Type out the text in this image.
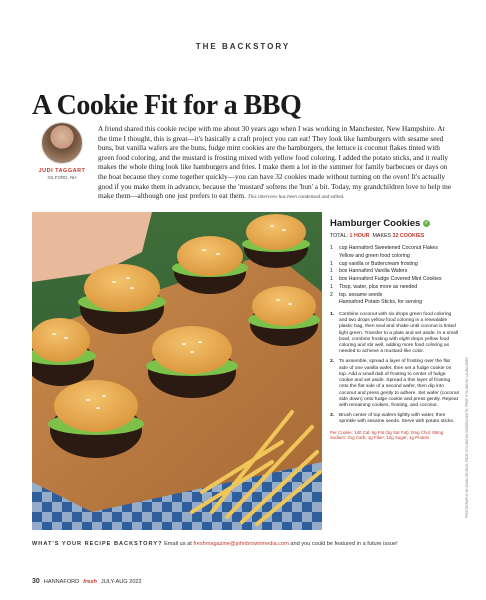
THE BACKSTORY
A Cookie Fit for a BBQ
JUDI TAGGART
GILFORD, NH
A friend shared this cookie recipe with me about 30 years ago when I was working in Manchester, New Hampshire. At the time I thought, this is great—it's basically a craft project you can eat! They look like hamburgers with sesame seed buns, but vanilla wafers are the buns, fudge mint cookies are the hamburgers, the lettuce is coconut flakes tinted with green food coloring, and the mustard is frosting mixed with yellow food coloring. I added the potato sticks, and it really makes the whole thing look like hamburgers and fries. I make them a lot in the summer for family barbecues or days on the boat because they come together quickly—you can have 32 cookies made without turning on the oven! It's actually good if you make them in advance, because the 'mustard' softens the 'bun' a bit. Today, my grandchildren love to help me make them—although one just prefers to eat them. This interview has been condensed and edited.
Hamburger Cookies ✓
TOTAL: 1 HOUR MAKES 32 COOKIES
1	cup Hannaford Sweetened Coconut Flakes
Yellow and green food coloring
1	cup vanilla or Buttercream frosting
1	box Hannaford Vanilla Wafers
1	box Hannaford Fudge Covered Mint Cookies
1	Tbsp. water, plus more as needed
2	tsp. sesame seeds
Hannaford Potato Sticks, for serving
1.	Combine coconut with six drops green food coloring and two drops yellow food coloring in a resealable plastic bag, then seal and shake until coconut is tinted light green. Transfer to a plate and set aside. In a small bowl, combine frosting with eight drops yellow food coloring and stir well, adding more food coloring as needed to achieve a mustard-like color.
2.	To assemble, spread a layer of frosting over the flat side of one vanilla wafer, then set a fudge cookie on top. Add a small dab of frosting to center of fudge cookie and set aside. Spread a thin layer of frosting onto the flat side of a second wafer, then dip into coconut and press gently to adhere. Set wafer (coconut side down) onto fudge cookie and press gently. Repeat with remaining cookies, frosting, and coconut.
3.	Brush center of top wafers lightly with water, then sprinkle with sesame seeds. Serve with potato sticks.
Per Cookie: 140 Cal; 5g Fat (3g Sat Fat); 0mg Chol; 85mg Sodium; 21g Carb; 1g Fiber; 12g Sugar; 1g Protein	PHOTOGRAPHY BY ADAM DETOUR; FOOD STYLING BY KENDRA SMITH; PROP STYLING BY LAURA KERR
WHAT'S YOUR RECIPE BACKSTORY? Email us at freshmagazine@johnbrownmedia.com and you could be featured in a future issue!
30 HANNAFORD fresh JULY-AUG 2022
